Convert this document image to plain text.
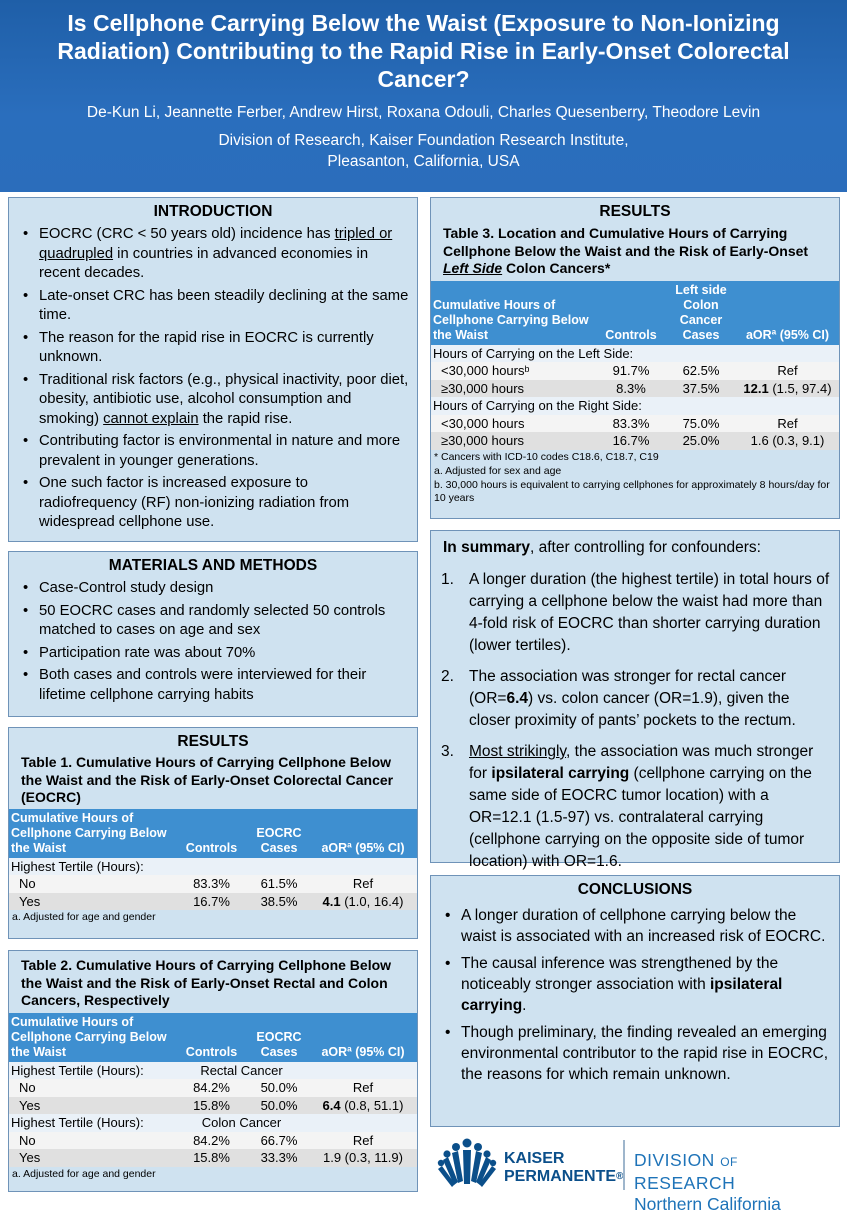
Is Cellphone Carrying Below the Waist (Exposure to Non-Ionizing Radiation) Contributing to the Rapid Rise in Early-Onset Colorectal Cancer?
De-Kun Li, Jeannette Ferber, Andrew Hirst, Roxana Odouli, Charles Quesenberry, Theodore Levin
Division of Research, Kaiser Foundation Research Institute,
Pleasanton, California, USA
INTRODUCTION
• EOCRC (CRC < 50 years old) incidence has tripled or quadrupled in countries in advanced economies in recent decades.
• Late-onset CRC has been steadily declining at the same time.
• The reason for the rapid rise in EOCRC is currently unknown.
• Traditional risk factors (e.g., physical inactivity, poor diet, obesity, antibiotic use, alcohol consumption and smoking) cannot explain the rapid rise.
• Contributing factor is environmental in nature and more prevalent in younger generations.
• One such factor is increased exposure to radiofrequency (RF) non-ionizing radiation from widespread cellphone use.
MATERIALS AND METHODS
• Case-Control study design
• 50 EOCRC cases and randomly selected 50 controls matched to cases on age and sex
• Participation rate was about 70%
• Both cases and controls were interviewed for their lifetime cellphone carrying habits
RESULTS
Table 1. Cumulative Hours of Carrying Cellphone Below the Waist and the Risk of Early-Onset Colorectal Cancer (EOCRC)
Cumulative Hours of Cellphone Carrying Below the Waist	Controls	EOCRC Cases	aORª (95% CI)
Highest Tertile (Hours):			
No	83.3%	61.5%	Ref
Yes	16.7%	38.5%	4.1 (1.0, 16.4)
a. Adjusted for age and gender
Table 2. Cumulative Hours of Carrying Cellphone Below the Waist and the Risk of Early-Onset Rectal and Colon Cancers, Respectively
Cumulative Hours of Cellphone Carrying Below the Waist	Controls	EOCRC Cases	aORª (95% CI)
Highest Tertile (Hours):	Rectal Cancer		
No	84.2%	50.0%	Ref
Yes	15.8%	50.0%	6.4 (0.8, 51.1)
Highest Tertile (Hours):	Colon Cancer		
No	84.2%	66.7%	Ref
Yes	15.8%	33.3%	1.9 (0.3, 11.9)
a. Adjusted for age and gender
RESULTS
Table 3. Location and Cumulative Hours of Carrying Cellphone Below the Waist and the Risk of Early-Onset Left Side Colon Cancers*
Cumulative Hours of Cellphone Carrying Below the Waist	Controls	Left side Colon Cancer Cases	aORª (95% CI)
Hours of Carrying on the Left Side:			
<30,000 hoursᵇ	91.7%	62.5%	Ref
≥30,000 hours	8.3%	37.5%	12.1 (1.5, 97.4)
Hours of Carrying on the Right Side:			
<30,000 hours	83.3%	75.0%	Ref
≥30,000 hours	16.7%	25.0%	1.6 (0.3, 9.1)
* Cancers with ICD-10 codes C18.6, C18.7, C19
a. Adjusted for sex and age
b. 30,000 hours is equivalent to carrying cellphones for approximately 8 hours/day for 10 years
In summary, after controlling for confounders:
1. A longer duration (the highest tertile) in total hours of carrying a cellphone below the waist had more than 4-fold risk of EOCRC than shorter carrying duration (lower tertiles).
2. The association was stronger for rectal cancer (OR=6.4) vs. colon cancer (OR=1.9), given the closer proximity of pants’ pockets to the rectum.
3. Most strikingly, the association was much stronger for ipsilateral carrying (cellphone carrying on the same side of EOCRC tumor location) with a OR=12.1 (1.5-97) vs. contralateral carrying (cellphone carrying on the opposite side of tumor location) with OR=1.6.
CONCLUSIONS
• A longer duration of cellphone carrying below the waist is associated with an increased risk of EOCRC.
• The causal inference was strengthened by the noticeably stronger association with ipsilateral carrying.
• Though preliminary, the finding revealed an emerging environmental contributor to the rapid rise in EOCRC, the reasons for which remain unknown.
KAISER
PERMANENTE®
DIVISION OF RESEARCH
Northern California
